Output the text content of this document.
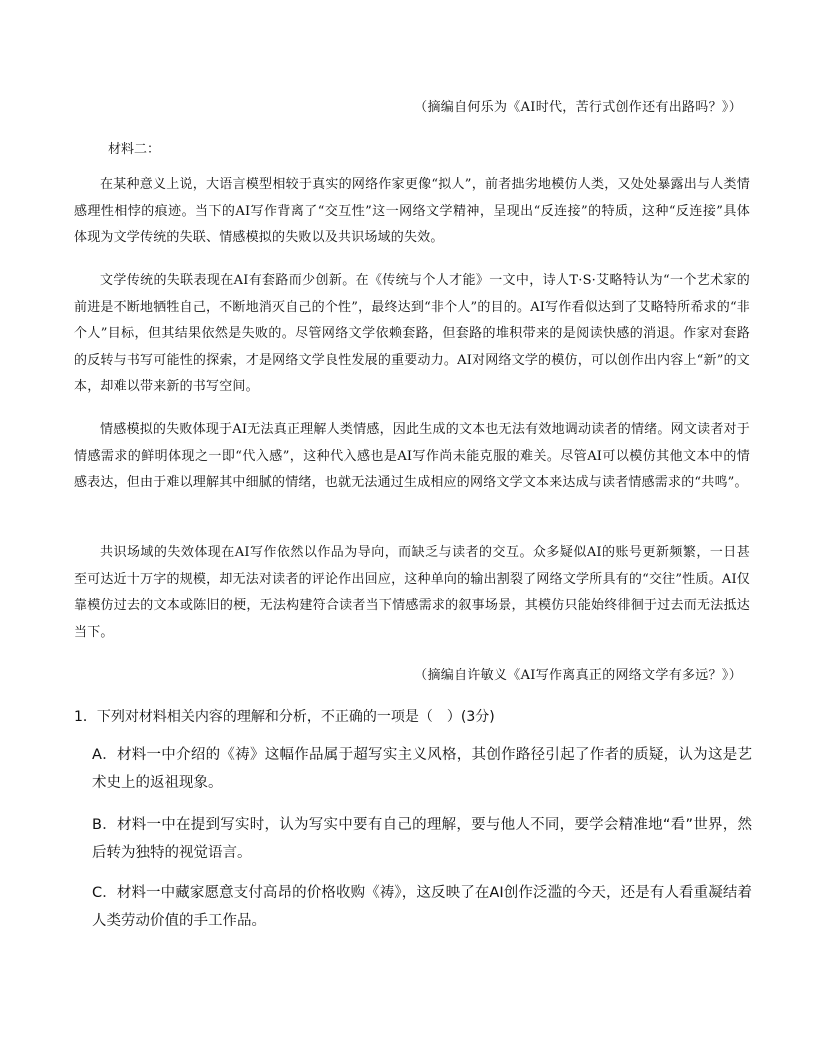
（摘编自何乐为《AI时代，苦行式创作还有出路吗？》）
材料二：
在某种意义上说，大语言模型相较于真实的网络作家更像“拟人”，前者拙劣地模仿人类，又处处暴露出与人类情感理性相悖的痕迹。当下的AI写作背离了“交互性”这一网络文学精神，呈现出“反连接”的特质，这种“反连接”具体体现为文学传统的失联、情感模拟的失败以及共识场域的失效。
文学传统的失联表现在AI有套路而少创新。在《传统与个人才能》一文中，诗人T·S·艾略特认为“一个艺术家的前进是不断地牺牲自己，不断地消灭自己的个性”，最终达到“非个人”的目的。AI写作看似达到了艾略特所希求的“非个人”目标，但其结果依然是失败的。尽管网络文学依赖套路，但套路的堆积带来的是阅读快感的消退。作家对套路的反转与书写可能性的探索，才是网络文学良性发展的重要动力。AI对网络文学的模仿，可以创作出内容上“新”的文本，却难以带来新的书写空间。
情感模拟的失败体现于AI无法真正理解人类情感，因此生成的文本也无法有效地调动读者的情绪。网文读者对于情感需求的鲜明体现之一即“代入感”，这种代入感也是AI写作尚未能克服的难关。尽管AI可以模仿其他文本中的情感表达，但由于难以理解其中细腻的情绪，也就无法通过生成相应的网络文学文本来达成与读者情感需求的“共鸣”。
共识场域的失效体现在AI写作依然以作品为导向，而缺乏与读者的交互。众多疑似AI的账号更新频繁，一日甚至可达近十万字的规模，却无法对读者的评论作出回应，这种单向的输出割裂了网络文学所具有的“交往”性质。AI仅靠模仿过去的文本或陈旧的梗，无法构建符合读者当下情感需求的叙事场景，其模仿只能始终徘徊于过去而无法抵达当下。
（摘编自许敏义《AI写作离真正的网络文学有多远？》）
1．下列对材料相关内容的理解和分析，不正确的一项是（　）(3分)
A．材料一中介绍的《祷》这幅作品属于超写实主义风格，其创作路径引起了作者的质疑，认为这是艺术史上的返祖现象。
B．材料一中在提到写实时，认为写实中要有自己的理解，要与他人不同，要学会精准地“看”世界，然后转为独特的视觉语言。
C．材料一中藏家愿意支付高昂的价格收购《祷》，这反映了在AI创作泛滥的今天，还是有人看重凝结着人类劳动价值的手工作品。
